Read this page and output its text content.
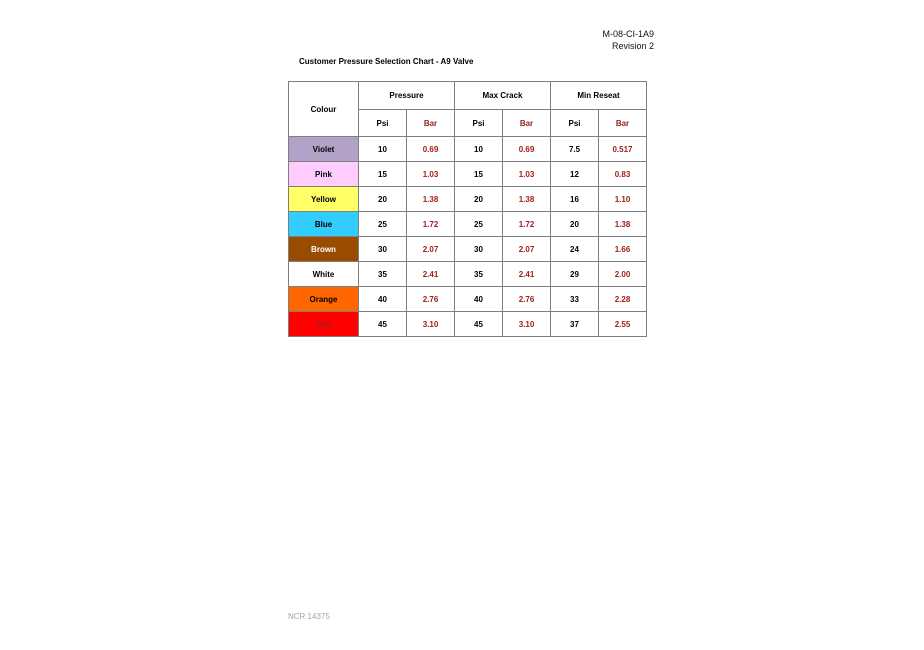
M-08-CI-1A9
Revision 2
Customer Pressure Selection Chart - A9 Valve
Colour	Pressure		Max Crack		Min Reseat	
	Psi	Bar	Psi	Bar	Psi	Bar
Violet	10	0.69	10	0.69	7.5	0.517
Pink	15	1.03	15	1.03	12	0.83
Yellow	20	1.38	20	1.38	16	1.10
Blue	25	1.72	25	1.72	20	1.38
Brown	30	2.07	30	2.07	24	1.66
White	35	2.41	35	2.41	29	2.00
Orange	40	2.76	40	2.76	33	2.28
Red	45	3.10	45	3.10	37	2.55
NCR 14375
